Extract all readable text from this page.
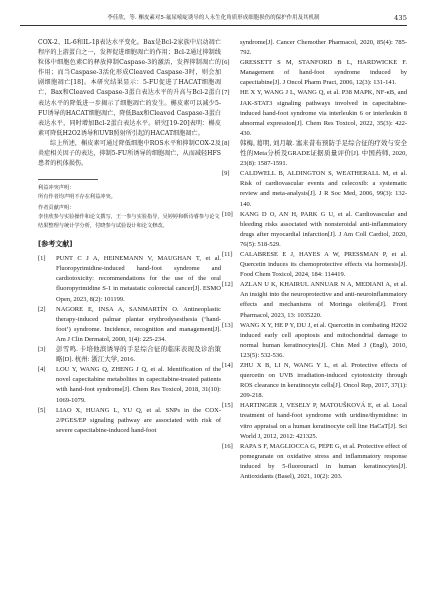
李佳欣，等. 槲皮素对5-氟尿嘧啶诱导的人永生化角质形成细胞损伤的保护作用及其机制	435

COX-2、IL-6和IL-1β表达水平变化。Bax是Bcl-2家族中启动凋亡程序的上游蛋白之一，发挥促进细胞凋亡的作用；Bcl-2通过抑制线粒体中细胞色素C的释放抑制Caspase-3的激活，发挥抑制凋亡的作用；而当Caspase-3活化形成Cleaved Caspase-3时，则会加剧细胞凋亡[18]。本研究结果显示：5-FU促进了HACAT细胞凋亡，Bax和Cleaved Caspase-3蛋白表达水平的升高与Bcl-2蛋白表达水平的降低进一步揭示了细胞凋亡的发生。槲皮素可以减少5-FU诱导的HACAT细胞凋亡，降低Bax和Cleaved Caspase-3蛋白表达水平，同时增加Bcl-2蛋白表达水平。研究[19-20]表明：槲皮素可降低H2O2诱导和UVB照射所引起的HACAT细胞凋亡。

综上所述，槲皮素可通过降低细胞中ROS水平和抑制COX-2及炎症相关因子的表达，抑制5-FU所诱导的细胞凋亡，从而减轻HFS患者的机体损伤。

利益冲突声明：
所有作者均声明不存在利益冲突。
作者贡献声明：
李佳欣参与实验操作和论文撰写，王一参与实验指导，吴婷婷和靳诗睿参与论文结果整理与统计学分析，付晓参与试验设计和论文修改。
[参考文献]
[1] PUNT C J A, HEINEMANN V, MAUGHAN T, et al. Fluoropyrimidine-induced hand-foot syndrome and cardiotoxicity: recommendations for the use of the oral fluoropyrimidine S-1 in metastatic colorectal cancer[J]. ESMO Open, 2023, 8(2): 101199.
[2] NAGORE E, INSA A, SANMARTÍN O. Antineoplastic therapy-induced palmar plantar erythrodysesthesia (‘hand-foot’) syndrome. Incidence, recognition and management[J]. Am J Clin Dermatol, 2000, 1(4): 225-234.
[3] 彭雪鸣. 卡培他滨诱导的手足综合征的临床表现及诊治策略[D]. 杭州: 浙江大学, 2016.
[4] LOU Y, WANG Q, ZHENG J Q, et al. Identification of the novel capecitabine metabolites in capecitabine-treated patients with hand-foot syndrome[J]. Chem Res Toxicol, 2018, 31(10): 1069-1079.
[5] LIAO X, HUANG L, YU Q, et al. SNPs in the COX-2/PGES/EP signaling pathway are associated with risk of severe capecitabine-induced hand-foot
syndrome[J]. Cancer Chemother Pharmacol, 2020, 85(4): 785-792.
[6] GRESSETT S M, STANFORD B L, HARDWICKE F. Management of hand-foot syndrome induced by capecitabine[J]. J Oncol Pharm Pract, 2006, 12(3): 131-141.
[7] HE X Y, WANG J L, WANG Q, et al. P38 MAPK, NF-κB, and JAK-STAT3 signaling pathways involved in capecitabine-induced hand-foot syndrome via interleukin 6 or interleukin 8 abnormal expression[J]. Chem Res Toxicol, 2022, 35(3): 422-430.
[8] 韩梅, 葛明, 刘月敏. 塞来昔布预防手足综合征的疗效与安全性的Meta分析及GRADE证据质量评价[J]. 中国药师, 2020, 23(8): 1587-1591.
[9] CALDWELL B, ALDINGTON S, WEATHERALL M, et al. Risk of cardiovascular events and celecoxib: a systematic review and meta-analysis[J]. J R Soc Med, 2006, 99(3): 132-140.
[10] KANG D O, AN H, PARK G U, et al. Cardiovascular and bleeding risks associated with nonsteroidal anti-inflammatory drugs after myocardial infarction[J]. J Am Coll Cardiol, 2020, 76(5): 518-529.
[11] CALABRESE E J, HAYES A W, PRESSMAN P, et al. Quercetin induces its chemoprotective effects via hormesis[J]. Food Chem Toxicol, 2024, 184: 114419.
[12] AZLAN U K, KHAIRUL ANNUAR N A, MEDIANI A, et al. An insight into the neuroprotective and anti-neuroinflammatory effects and mechanisms of Moringa oleifera[J]. Front Pharmacol, 2023, 13: 1035220.
[13] WANG X Y, HE P Y, DU J, et al. Quercetin in combating H2O2 induced early cell apoptosis and mitochondrial damage to normal human keratinocytes[J]. Chin Med J (Engl), 2010, 123(5): 532-536.
[14] ZHU X B, LI N, WANG Y L, et al. Protective effects of quercetin on UVB irradiation-induced cytotoxicity through ROS clearance in keratinocyte cells[J]. Oncol Rep, 2017, 37(1): 209-218.
[15] HARTINGER J, VESELY P, MATOUŠKOVÁ E, et al. Local treatment of hand-foot syndrome with uridine/thymidine: in vitro appraisal on a human keratinocyte cell line HaCaT[J]. Sci World J, 2012, 2012: 421325.
[16] RAPA S F, MAGLIOCCA G, PEPE G, et al. Protective effect of pomegranate on oxidative stress and inflammatory response induced by 5-fluorouracil in human keratinocytes[J]. Antioxidants (Basel), 2021, 10(2): 203.
